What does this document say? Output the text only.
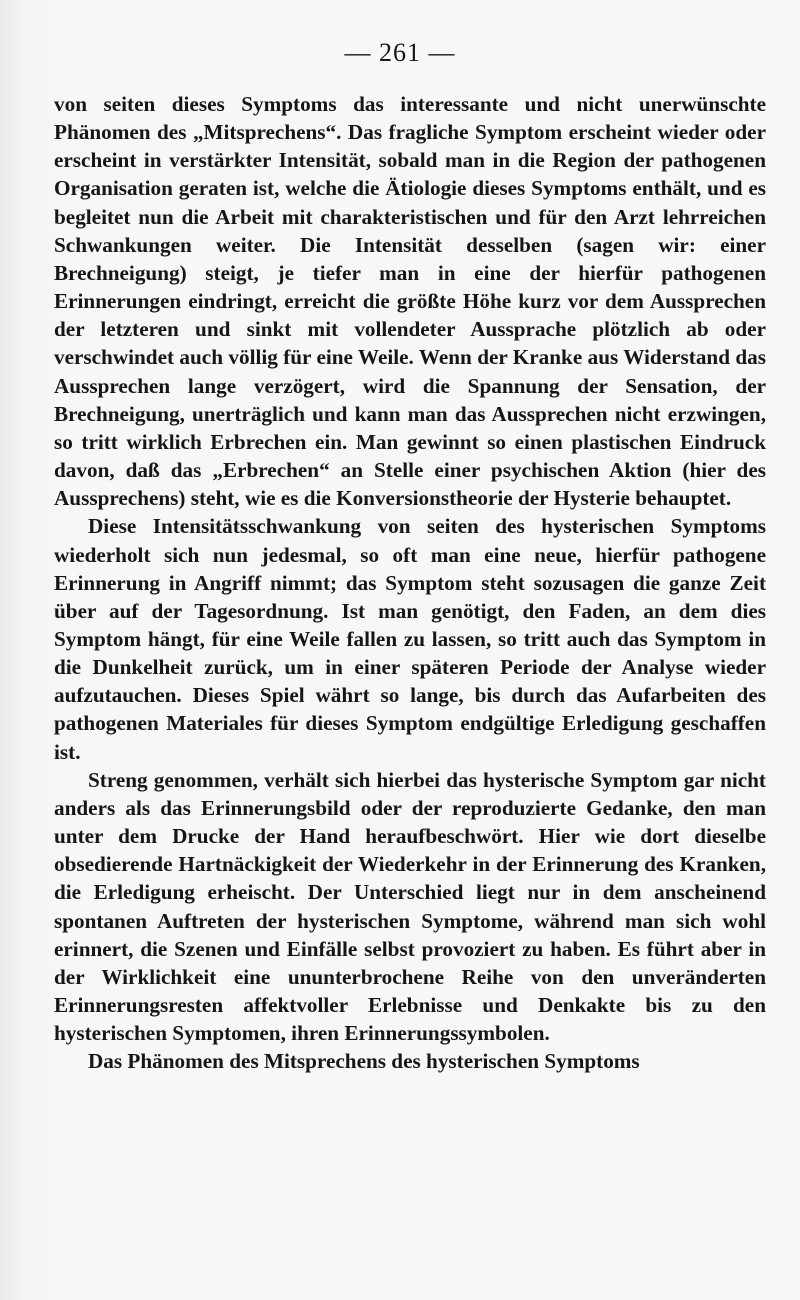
— 261 —

von seiten dieses Symptoms das interessante und nicht unerwünschte Phänomen des „Mitsprechens“. Das fragliche Symptom erscheint wieder oder erscheint in verstärkter Intensität, sobald man in die Region der pathogenen Organisation geraten ist, welche die Ätiologie dieses Symptoms enthält, und es begleitet nun die Arbeit mit charakteristischen und für den Arzt lehrreichen Schwankungen weiter. Die Intensität desselben (sagen wir: einer Brechneigung) steigt, je tiefer man in eine der hierfür pathogenen Erinnerungen eindringt, erreicht die größte Höhe kurz vor dem Aussprechen der letzteren und sinkt mit vollendeter Aussprache plötzlich ab oder verschwindet auch völlig für eine Weile. Wenn der Kranke aus Widerstand das Aussprechen lange verzögert, wird die Spannung der Sensation, der Brechneigung, unerträglich und kann man das Aussprechen nicht erzwingen, so tritt wirklich Erbrechen ein. Man gewinnt so einen plastischen Eindruck davon, daß das „Erbrechen“ an Stelle einer psychischen Aktion (hier des Aussprechens) steht, wie es die Konversionstheorie der Hysterie behauptet.

Diese Intensitätsschwankung von seiten des hysterischen Symptoms wiederholt sich nun jedesmal, so oft man eine neue, hierfür pathogene Erinnerung in Angriff nimmt; das Symptom steht sozusagen die ganze Zeit über auf der Tagesordnung. Ist man genötigt, den Faden, an dem dies Symptom hängt, für eine Weile fallen zu lassen, so tritt auch das Symptom in die Dunkelheit zurück, um in einer späteren Periode der Analyse wieder aufzutauchen. Dieses Spiel währt so lange, bis durch das Aufarbeiten des pathogenen Materiales für dieses Symptom endgültige Erledigung geschaffen ist.

Streng genommen, verhält sich hierbei das hysterische Symptom gar nicht anders als das Erinnerungsbild oder der reproduzierte Gedanke, den man unter dem Drucke der Hand heraufbeschwört. Hier wie dort dieselbe obsedierende Hartnäckigkeit der Wiederkehr in der Erinnerung des Kranken, die Erledigung erheischt. Der Unterschied liegt nur in dem anscheinend spontanen Auftreten der hysterischen Symptome, während man sich wohl erinnert, die Szenen und Einfälle selbst provoziert zu haben. Es führt aber in der Wirklichkeit eine ununterbrochene Reihe von den unveränderten Erinnerungsresten affektvoller Erlebnisse und Denkakte bis zu den hysterischen Symptomen, ihren Erinnerungssymbolen.

Das Phänomen des Mitsprechens des hysterischen Symptoms
